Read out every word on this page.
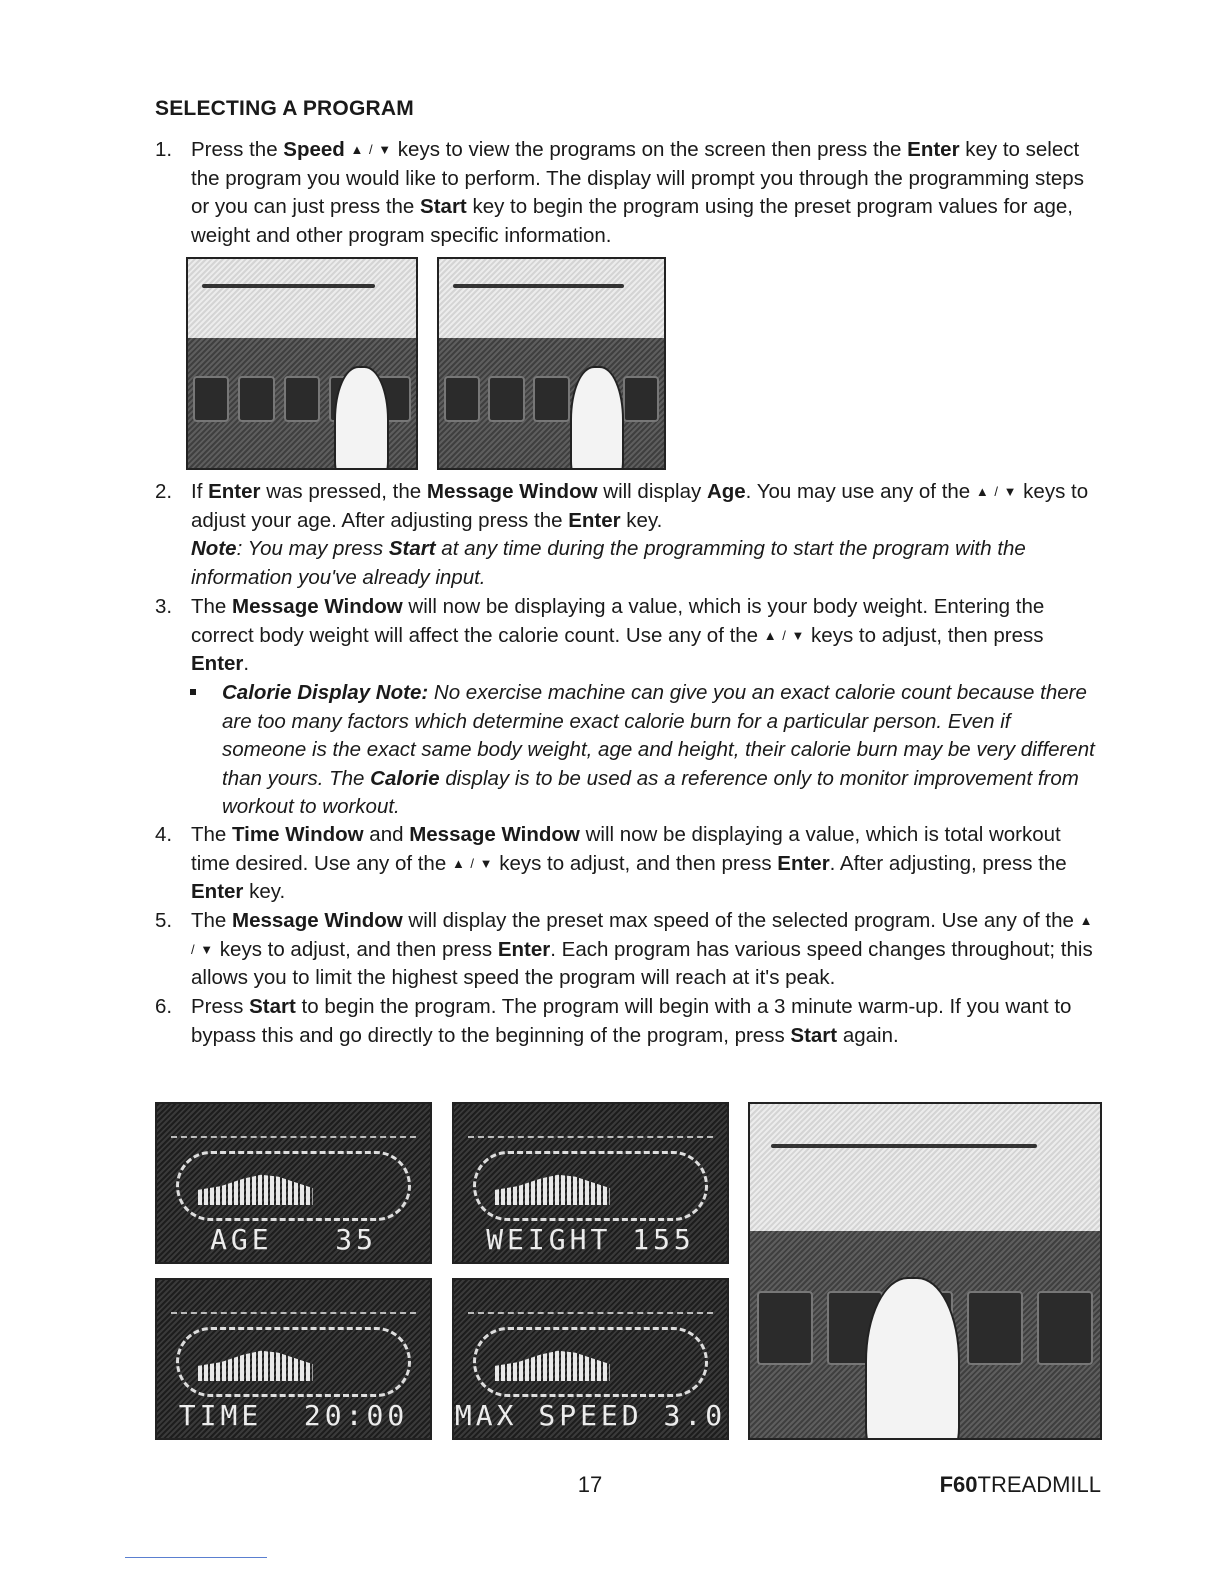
SELECTING A PROGRAM
1. Press the Speed ▲ / ▼ keys to view the programs on the screen then press the Enter key to select the program you would like to perform. The display will prompt you through the programming steps or you can just press the Start key to begin the program using the preset program values for age, weight and other program specific information.
2. If Enter was pressed, the Message Window will display Age. You may use any of the ▲ / ▼ keys to adjust your age. After adjusting press the Enter key.
Note: You may press Start at any time during the programming to start the program with the information you've already input.
3. The Message Window will now be displaying a value, which is your body weight. Entering the correct body weight will affect the calorie count. Use any of the ▲ / ▼ keys to adjust, then press Enter.
Calorie Display Note: No exercise machine can give you an exact calorie count because there are too many factors which determine exact calorie burn for a particular person. Even if someone is the exact same body weight, age and height, their calorie burn may be very different than yours. The Calorie display is to be used as a reference only to monitor improvement from workout to workout.
4. The Time Window and Message Window will now be displaying a value, which is total workout time desired. Use any of the ▲ / ▼ keys to adjust, and then press Enter. After adjusting, press the Enter key.
5. The Message Window will display the preset max speed of the selected program. Use any of the ▲ / ▼ keys to adjust, and then press Enter. Each program has various speed changes throughout; this allows you to limit the highest speed the program will reach at it's peak.
6. Press Start to begin the program. The program will begin with a 3 minute warm-up. If you want to bypass this and go directly to the beginning of the program, press Start again.
AGE   35	WEIGHT 155
TIME  20:00	MAX SPEED 3.0
17	F60TREADMILL
